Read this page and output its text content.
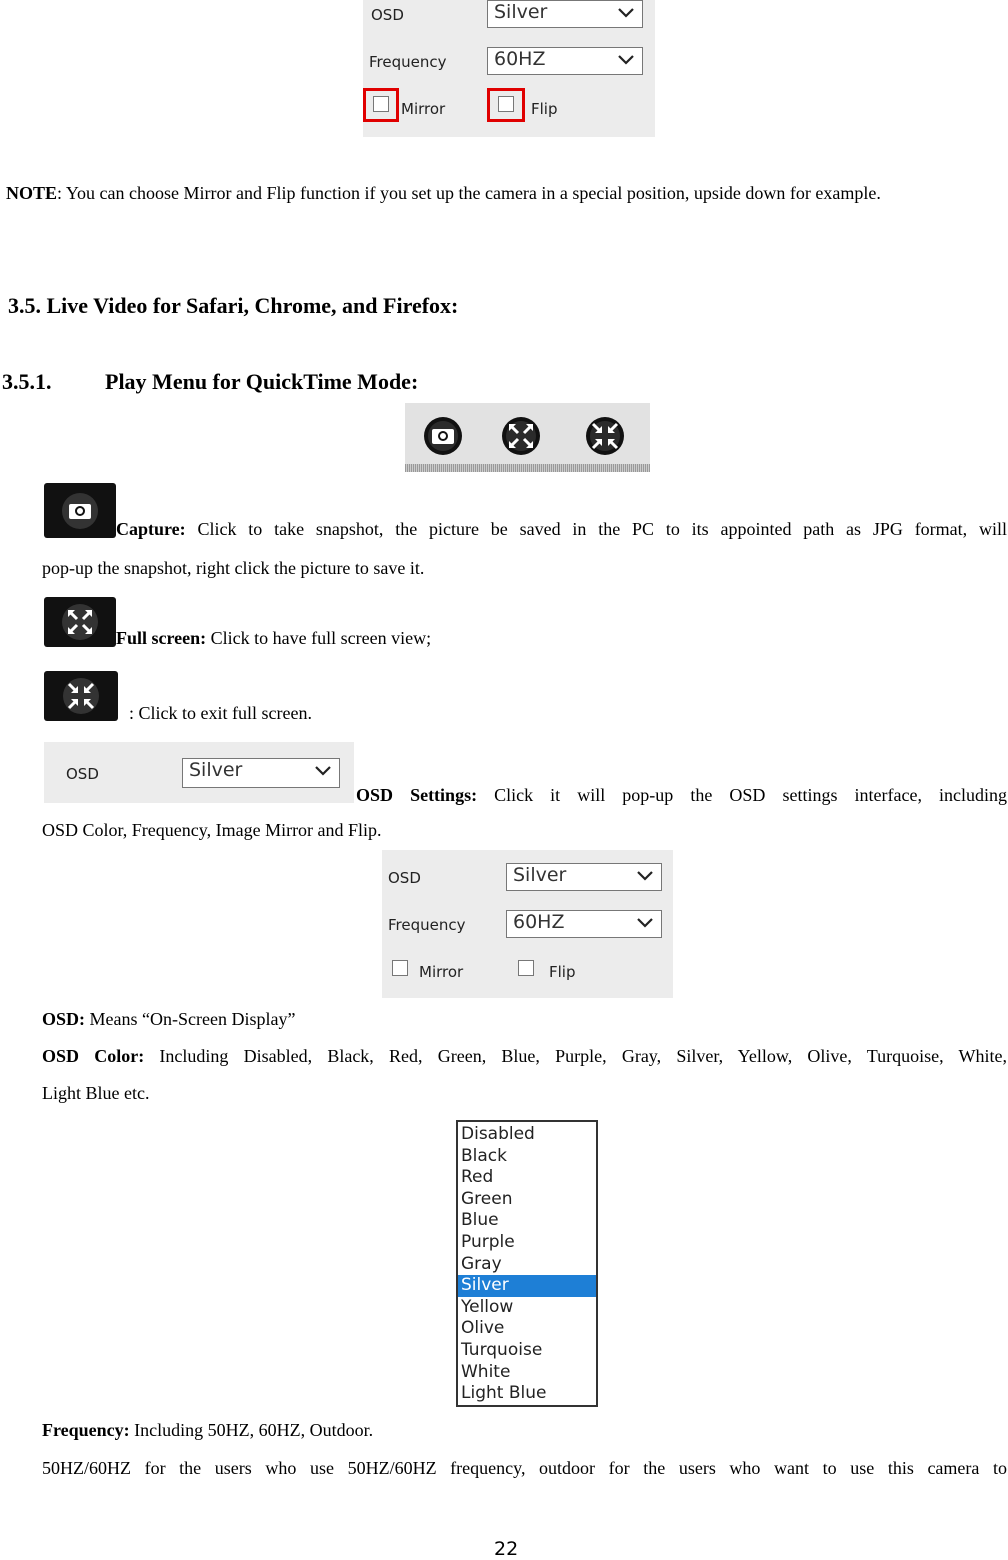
OSD	Silver
Frequency	60HZ
Mirror	Flip
NOTE: You can choose Mirror and Flip function if you set up the camera in a special position, upside down for example.
3.5. Live Video for Safari, Chrome, and Firefox:
3.5.1. Play Menu for QuickTime Mode:
Capture: Click to take snapshot, the picture be saved in the PC to its appointed path as JPG format, will
pop-up the snapshot, right click the picture to save it.
Full screen: Click to have full screen view;
: Click to exit full screen.
OSD	Silver
OSD Settings: Click it will pop-up the OSD settings interface, including
OSD Color, Frequency, Image Mirror and Flip.
OSD	Silver
Frequency	60HZ
Mirror	Flip
OSD: Means “On-Screen Display”
OSD Color: Including Disabled, Black, Red, Green, Blue, Purple, Gray, Silver, Yellow, Olive, Turquoise, White,
Light Blue etc.
Disabled
Black
Red
Green
Blue
Purple
Gray
Silver
Yellow
Olive
Turquoise
White
Light Blue
Frequency: Including 50HZ, 60HZ, Outdoor.
50HZ/60HZ for the users who use 50HZ/60HZ frequency, outdoor for the users who want to use this camera to
22
